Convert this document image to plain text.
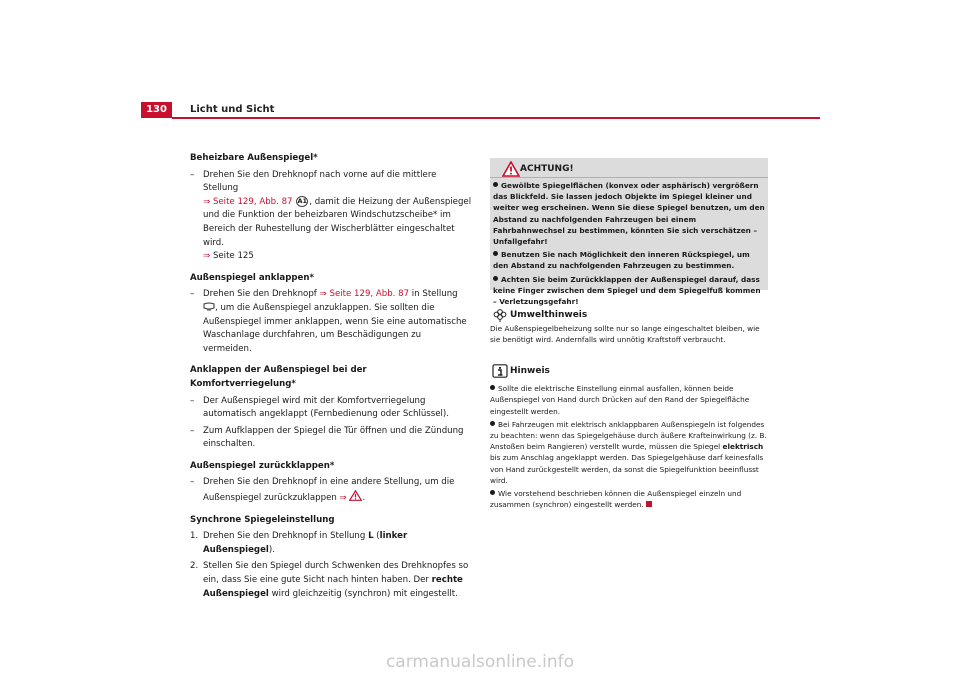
130	Licht und Sicht
Beheizbare Außenspiegel*
– Drehen Sie den Drehknopf nach vorne auf die mittlere Stellung
⇒ Seite 129, Abb. 87 A1 , damit die Heizung der Außenspiegel und die Funktion der beheizbaren Windschutzscheibe* im Bereich der Ruhestellung der Wischerblätter eingeschaltet wird.
⇒ Seite 125
Außenspiegel anklappen*
– Drehen Sie den Drehknopf ⇒ Seite 129, Abb. 87 in Stellung , um die Außenspiegel anzuklappen. Sie sollten die Außenspiegel immer anklappen, wenn Sie eine automatische Waschanlage durchfahren, um Beschädigungen zu vermeiden.
Anklappen der Außenspiegel bei der Komfortverriegelung*
– Der Außenspiegel wird mit der Komfortverriegelung automatisch angeklappt (Fernbedienung oder Schlüssel).
– Zum Aufklappen der Spiegel die Tür öffnen und die Zündung einschalten.
Außenspiegel zurückklappen*
– Drehen Sie den Drehknopf in eine andere Stellung, um die Außenspiegel zurückzuklappen ⇒ .
Synchrone Spiegeleinstellung
1. Drehen Sie den Drehknopf in Stellung L (linker Außenspiegel).
2. Stellen Sie den Spiegel durch Schwenken des Drehknopfes so ein, dass Sie eine gute Sicht nach hinten haben. Der rechte Außenspiegel wird gleichzeitig (synchron) mit eingestellt.
ACHTUNG!
Gewölbte Spiegelflächen (konvex oder asphärisch) vergrößern das Blickfeld. Sie lassen jedoch Objekte im Spiegel kleiner und weiter weg erscheinen. Wenn Sie diese Spiegel benutzen, um den Abstand zu nachfolgenden Fahrzeugen bei einem Fahrbahnwechsel zu bestimmen, könnten Sie sich verschätzen – Unfallgefahr!
Benutzen Sie nach Möglichkeit den inneren Rückspiegel, um den Abstand zu nachfolgenden Fahrzeugen zu bestimmen.
Achten Sie beim Zurückklappen der Außenspiegel darauf, dass keine Finger zwischen dem Spiegel und dem Spiegelfuß kommen – Verletzungsgefahr!
Umwelthinweis
Die Außenspiegelbeheizung sollte nur so lange eingeschaltet bleiben, wie sie benötigt wird. Andernfalls wird unnötig Kraftstoff verbraucht.
Hinweis
Sollte die elektrische Einstellung einmal ausfallen, können beide Außenspiegel von Hand durch Drücken auf den Rand der Spiegelfläche eingestellt werden.
Bei Fahrzeugen mit elektrisch anklappbaren Außenspiegeln ist folgendes zu beachten: wenn das Spiegelgehäuse durch äußere Krafteinwirkung (z. B. Anstoßen beim Rangieren) verstellt wurde, müssen die Spiegel elektrisch bis zum Anschlag angeklappt werden. Das Spiegelgehäuse darf keinesfalls von Hand zurückgestellt werden, da sonst die Spiegelfunktion beeinflusst wird.
Wie vorstehend beschrieben können die Außenspiegel einzeln und zusammen (synchron) eingestellt werden.
carmanualsonline.info
